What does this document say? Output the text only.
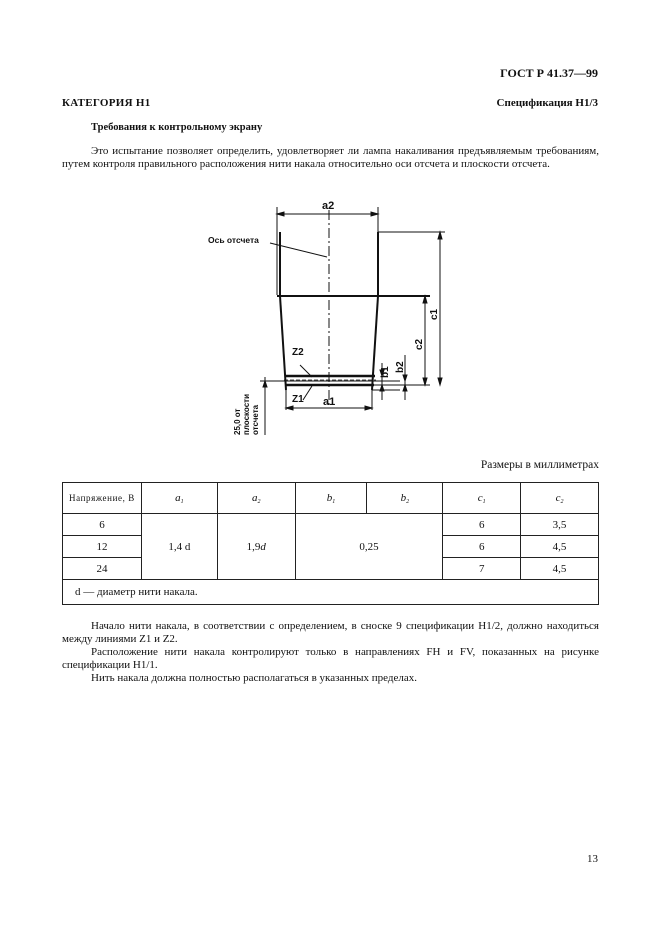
ГОСТ Р 41.37—99
КАТЕГОРИЯ H1	Спецификация H1/3
Требования к контрольному экрану
Это испытание позволяет определить, удовлетворяет ли лампа накаливания предъявляемым требованиям, путем контроля правильного расположения нити накала относительно оси отсчета и плоскости отсчета.
a2
Ось отсчета
a1
Z2
Z1
c1
c2
b1 b2
25,0 от плоскости отсчета
Размеры в миллиметрах
Напряжение, В	$a_1$	$a_2$	$b_1$	$b_2$	$c_1$	$c_2$
6	1,4 d	1,9d	0,25		6	3,5
12					6	4,5
24					7	4,5
d — диаметр нити накала.						
Начало нити накала, в соответствии с определением, в сноске 9 спецификации H1/2, должно находиться между линиями Z1 и Z2.
Расположение нити накала контролируют только в направлениях FH и FV, показанных на рисунке спецификации H1/1.
Нить накала должна полностью располагаться в указанных пределах.
13
